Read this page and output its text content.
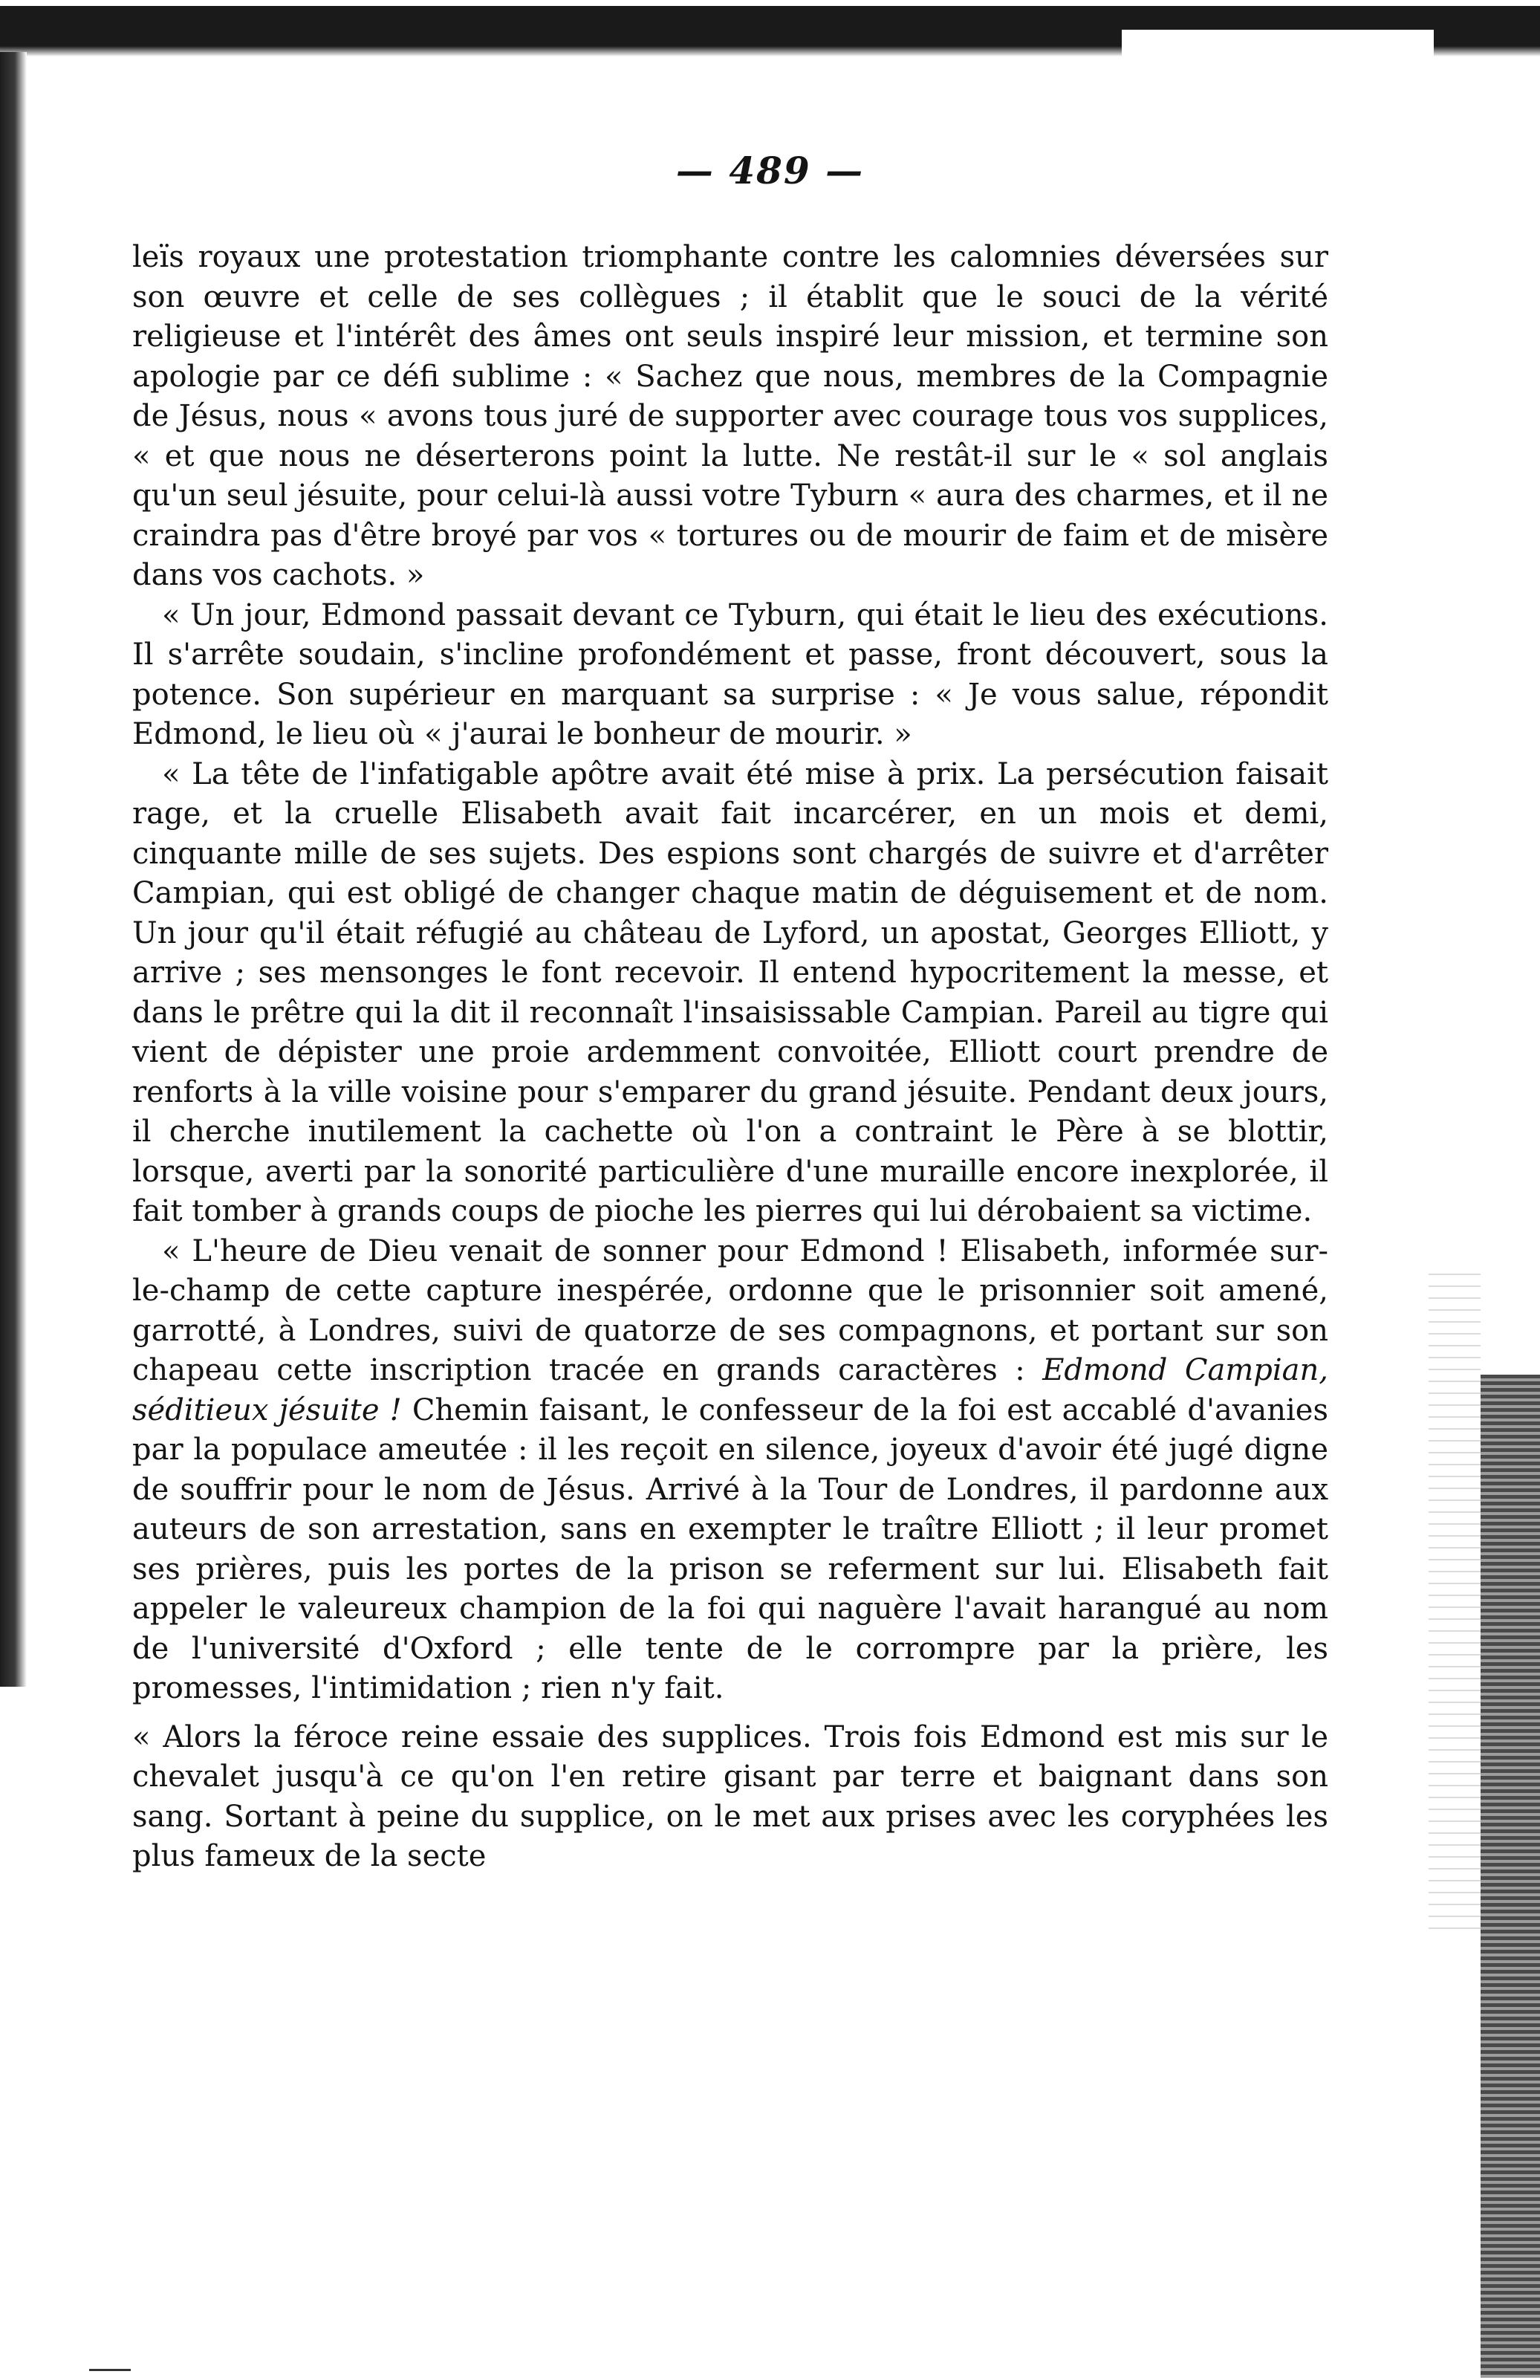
— 489 —

leïs royaux une protestation triomphante contre les calomnies déversées sur son œuvre et celle de ses collègues ; il établit que le souci de la vérité religieuse et l'intérêt des âmes ont seuls inspiré leur mission, et termine son apologie par ce défi sublime : « Sachez que nous, membres de la Compagnie de Jésus, nous « avons tous juré de supporter avec courage tous vos supplices, « et que nous ne déserterons point la lutte. Ne restât-il sur le « sol anglais qu'un seul jésuite, pour celui-là aussi votre Tyburn « aura des charmes, et il ne craindra pas d'être broyé par vos « tortures ou de mourir de faim et de misère dans vos cachots. »

« Un jour, Edmond passait devant ce Tyburn, qui était le lieu des exécutions. Il s'arrête soudain, s'incline profondément et passe, front découvert, sous la potence. Son supérieur en marquant sa surprise : « Je vous salue, répondit Edmond, le lieu où « j'aurai le bonheur de mourir. »

« La tête de l'infatigable apôtre avait été mise à prix. La persécution faisait rage, et la cruelle Elisabeth avait fait incarcérer, en un mois et demi, cinquante mille de ses sujets. Des espions sont chargés de suivre et d'arrêter Campian, qui est obligé de changer chaque matin de déguisement et de nom. Un jour qu'il était réfugié au château de Lyford, un apostat, Georges Elliott, y arrive ; ses mensonges le font recevoir. Il entend hypocritement la messe, et dans le prêtre qui la dit il reconnaît l'insaisissable Campian. Pareil au tigre qui vient de dépister une proie ardemment convoitée, Elliott court prendre de renforts à la ville voisine pour s'emparer du grand jésuite. Pendant deux jours, il cherche inutilement la cachette où l'on a contraint le Père à se blottir, lorsque, averti par la sonorité particulière d'une muraille encore inexplorée, il fait tomber à grands coups de pioche les pierres qui lui dérobaient sa victime.

« L'heure de Dieu venait de sonner pour Edmond ! Elisabeth, informée sur-le-champ de cette capture inespérée, ordonne que le prisonnier soit amené, garrotté, à Londres, suivi de quatorze de ses compagnons, et portant sur son chapeau cette inscription tracée en grands caractères : Edmond Campian, séditieux jésuite ! Chemin faisant, le confesseur de la foi est accablé d'avanies par la populace ameutée : il les reçoit en silence, joyeux d'avoir été jugé digne de souffrir pour le nom de Jésus. Arrivé à la Tour de Londres, il pardonne aux auteurs de son arrestation, sans en exempter le traître Elliott ; il leur promet ses prières, puis les portes de la prison se referment sur lui. Elisabeth fait appeler le valeureux champion de la foi qui naguère l'avait harangué au nom de l'université d'Oxford ; elle tente de le corrompre par la prière, les promesses, l'intimidation ; rien n'y fait.

« Alors la féroce reine essaie des supplices. Trois fois Edmond est mis sur le chevalet jusqu'à ce qu'on l'en retire gisant par terre et baignant dans son sang. Sortant à peine du supplice, on le met aux prises avec les coryphées les plus fameux de la secte
